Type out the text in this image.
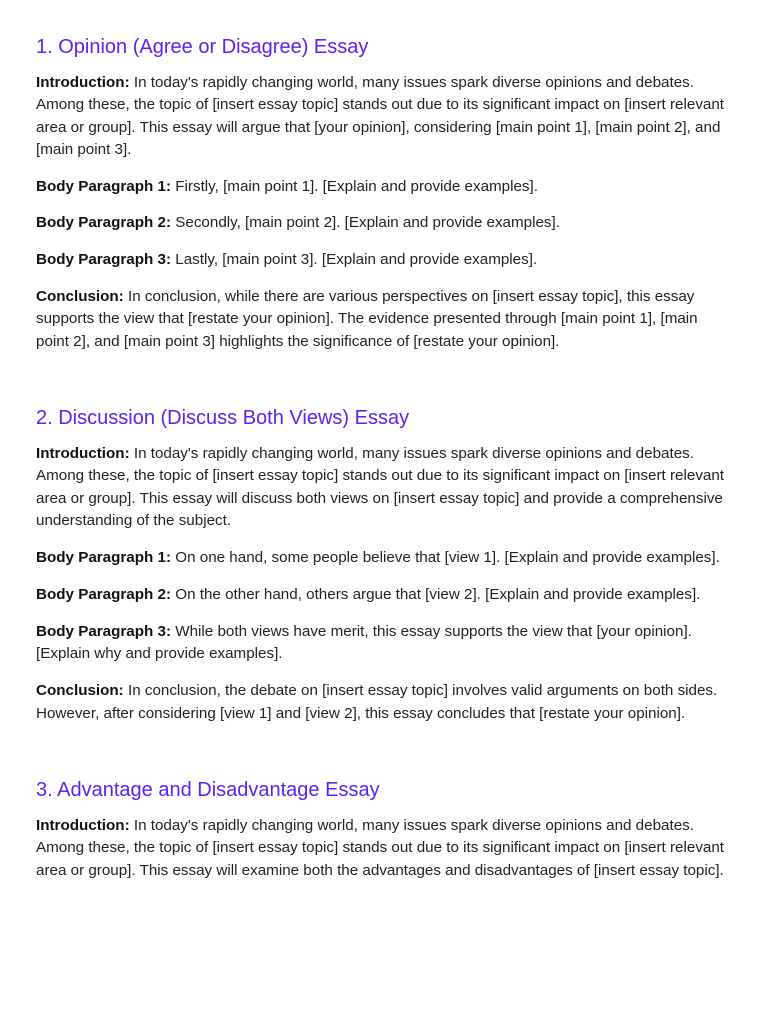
1. Opinion (Agree or Disagree) Essay

Introduction: In today's rapidly changing world, many issues spark diverse opinions and debates. Among these, the topic of [insert essay topic] stands out due to its significant impact on [insert relevant area or group]. This essay will argue that [your opinion], considering [main point 1], [main point 2], and [main point 3].

Body Paragraph 1: Firstly, [main point 1]. [Explain and provide examples].

Body Paragraph 2: Secondly, [main point 2]. [Explain and provide examples].

Body Paragraph 3: Lastly, [main point 3]. [Explain and provide examples].

Conclusion: In conclusion, while there are various perspectives on [insert essay topic], this essay supports the view that [restate your opinion]. The evidence presented through [main point 1], [main point 2], and [main point 3] highlights the significance of [restate your opinion].

2. Discussion (Discuss Both Views) Essay

Introduction: In today's rapidly changing world, many issues spark diverse opinions and debates. Among these, the topic of [insert essay topic] stands out due to its significant impact on [insert relevant area or group]. This essay will discuss both views on [insert essay topic] and provide a comprehensive understanding of the subject.

Body Paragraph 1: On one hand, some people believe that [view 1]. [Explain and provide examples].

Body Paragraph 2: On the other hand, others argue that [view 2]. [Explain and provide examples].

Body Paragraph 3: While both views have merit, this essay supports the view that [your opinion]. [Explain why and provide examples].

Conclusion: In conclusion, the debate on [insert essay topic] involves valid arguments on both sides. However, after considering [view 1] and [view 2], this essay concludes that [restate your opinion].

3. Advantage and Disadvantage Essay

Introduction: In today's rapidly changing world, many issues spark diverse opinions and debates. Among these, the topic of [insert essay topic] stands out due to its significant impact on [insert relevant area or group]. This essay will examine both the advantages and disadvantages of [insert essay topic].
